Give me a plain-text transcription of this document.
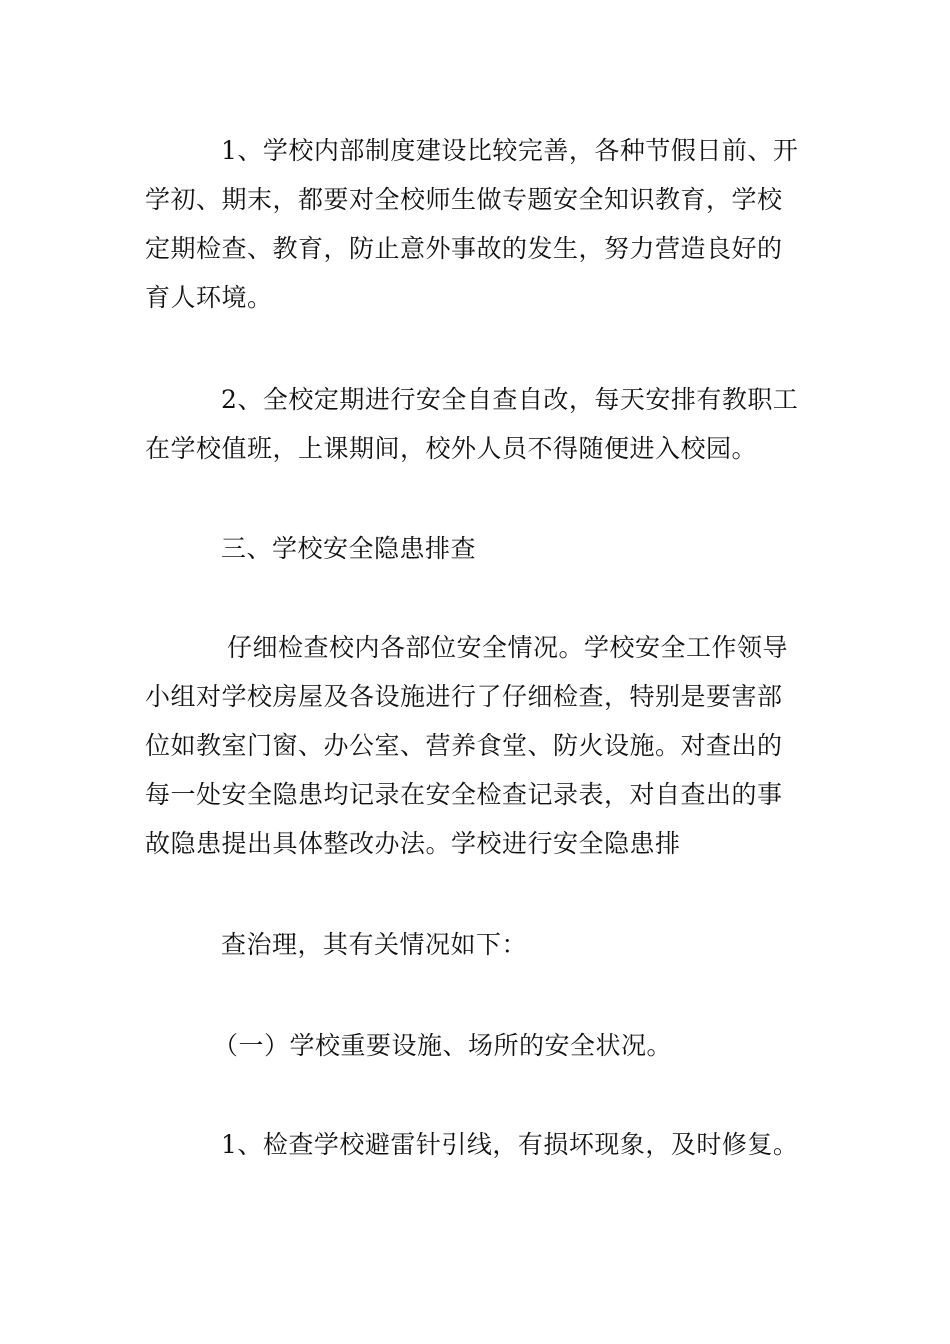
1、学校内部制度建设比较完善，各种节假日前、开
学初、期末，都要对全校师生做专题安全知识教育，学校
定期检查、教育，防止意外事故的发生，努力营造良好的
育人环境。
2、全校定期进行安全自查自改，每天安排有教职工
在学校值班，上课期间，校外人员不得随便进入校园。
三、学校安全隐患排查
仔细检查校内各部位安全情况。学校安全工作领导
小组对学校房屋及各设施进行了仔细检查，特别是要害部
位如教室门窗、办公室、营养食堂、防火设施。对查出的
每一处安全隐患均记录在安全检查记录表，对自查出的事
故隐患提出具体整改办法。学校进行安全隐患排
查治理，其有关情况如下：
（一）学校重要设施、场所的安全状况。
1、检查学校避雷针引线，有损坏现象，及时修复。
